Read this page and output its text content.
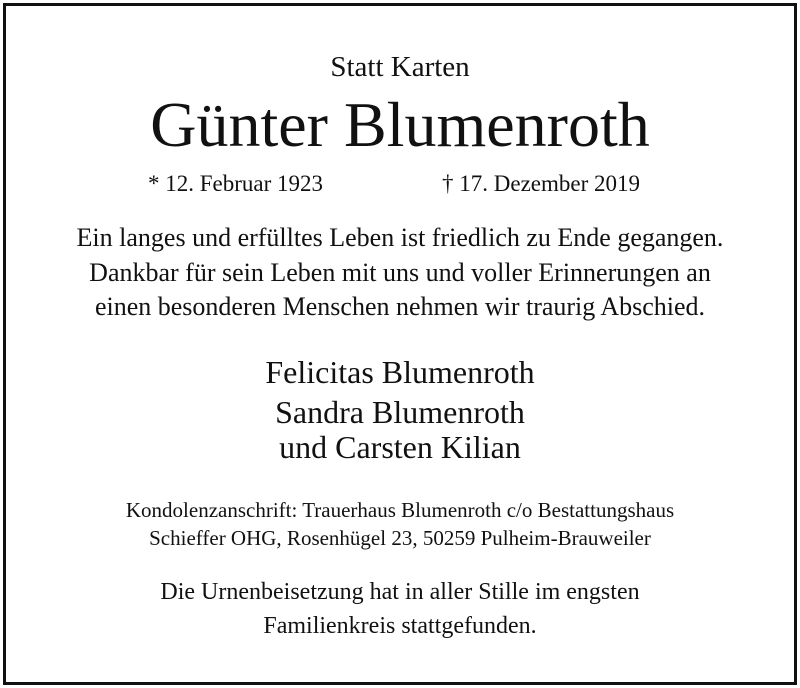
Statt Karten
Günter Blumenroth
* 12. Februar 1923	† 17. Dezember 2019
Ein langes und erfülltes Leben ist friedlich zu Ende gegangen.
Dankbar für sein Leben mit uns und voller Erinnerungen an
einen besonderen Menschen nehmen wir traurig Abschied.
Felicitas Blumenroth
Sandra Blumenroth
und Carsten Kilian
Kondolenzanschrift: Trauerhaus Blumenroth c/o Bestattungshaus
Schieffer OHG, Rosenhügel 23, 50259 Pulheim-Brauweiler
Die Urnenbeisetzung hat in aller Stille im engsten
Familienkreis stattgefunden.
